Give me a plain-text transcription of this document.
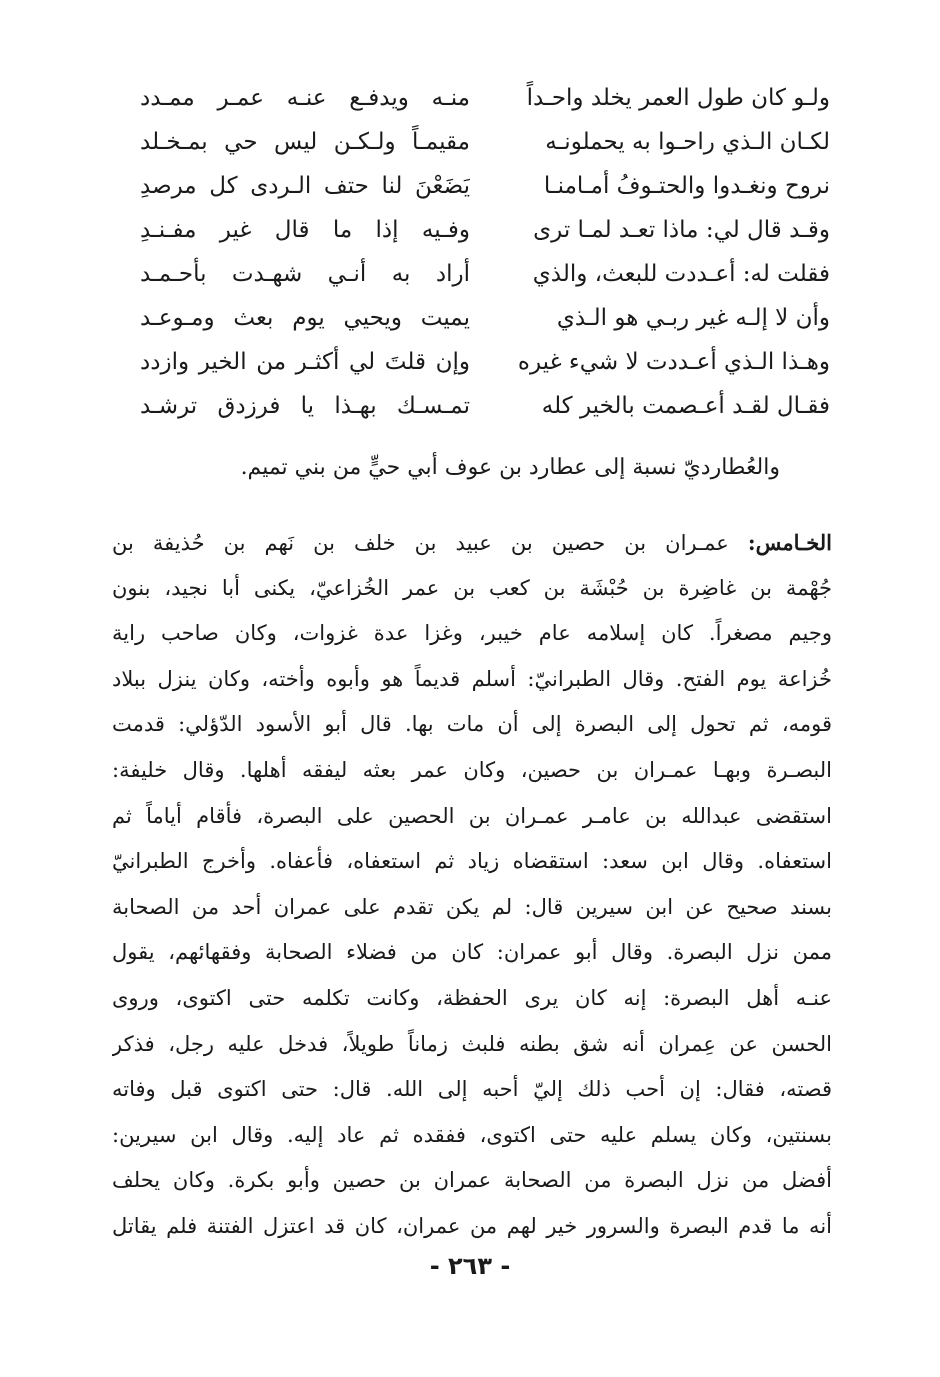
ولـو كان طول العمر يخلد واحـداً
منـه ويدفـع عنـه عمـر ممـدد
لكـان الـذي راحـوا به يحملونـه
مقيمـاً ولـكـن ليس حي بمـخـلد
نروح ونغـدوا والحتـوفُ أمـامنـا
يَضَعْنَ لنا حتف الـردى كل مرصدِ
وقـد قال لي: ماذا تعـد لمـا ترى
وفـيه إذا ما قال غير مفـنـدِ
فقلت له: أعـددت للبعث، والذي
أراد به أنـي شهـدت بأحـمـد
وأن لا إلـه غير ربـي هو الـذي
يميت ويحيي يوم بعث ومـوعـد
وهـذا الـذي أعـددت لا شيء غيره
وإن قلتَ لي أكثـر من الخير وازدد
فقـال لقـد أعـصمت بالخير كله
تمـسـك بهـذا يا فرزدق ترشـد
والعُطارديّ نسبة إلى عطارد بن عوف أبي حيٍّ من بني تميم.
الخـامس: عمـران بن حصين بن عبيد بن خلف بن نَهم بن حُذيفة بن
جُهْمة بن غاضِرة بن حُبْشَة بن كعب بن عمر الخُزاعيّ، يكنى أبا نجيد، بنون
وجيم مصغراً. كان إسلامه عام خيبر، وغزا عدة غزوات، وكان صاحب راية
خُزاعة يوم الفتح. وقال الطبرانيّ: أسلم قديماً هو وأبوه وأخته، وكان ينزل ببلاد
قومه، ثم تحول إلى البصرة إلى أن مات بها. قال أبو الأسود الدّؤلي: قدمت
البصـرة وبهـا عمـران بن حصين، وكان عمر بعثه ليفقه أهلها. وقال خليفة:
استقضى عبدالله بن عامـر عمـران بن الحصين على البصرة، فأقام أياماً ثم
استعفاه. وقال ابن سعد: استقضاه زياد ثم استعفاه، فأعفاه. وأخرج الطبرانيّ
بسند صحيح عن ابن سيرين قال: لم يكن تقدم على عمران أحد من الصحابة
ممن نزل البصرة. وقال أبو عمران: كان من فضلاء الصحابة وفقهائهم، يقول
عنـه أهل البصرة: إنه كان يرى الحفظة، وكانت تكلمه حتى اكتوى، وروى
الحسن عن عِمران أنه شق بطنه فلبث زماناً طويلاً، فدخل عليه رجل، فذكر
قصته، فقال: إن أحب ذلك إليّ أحبه إلى الله. قال: حتى اكتوى قبل وفاته
بسنتين، وكان يسلم عليه حتى اكتوى، ففقده ثم عاد إليه. وقال ابن سيرين:
أفضل من نزل البصرة من الصحابة عمران بن حصين وأبو بكرة. وكان يحلف
أنه ما قدم البصرة والسرور خير لهم من عمران، كان قد اعتزل الفتنة فلم يقاتل
- ٢٦٣ -
